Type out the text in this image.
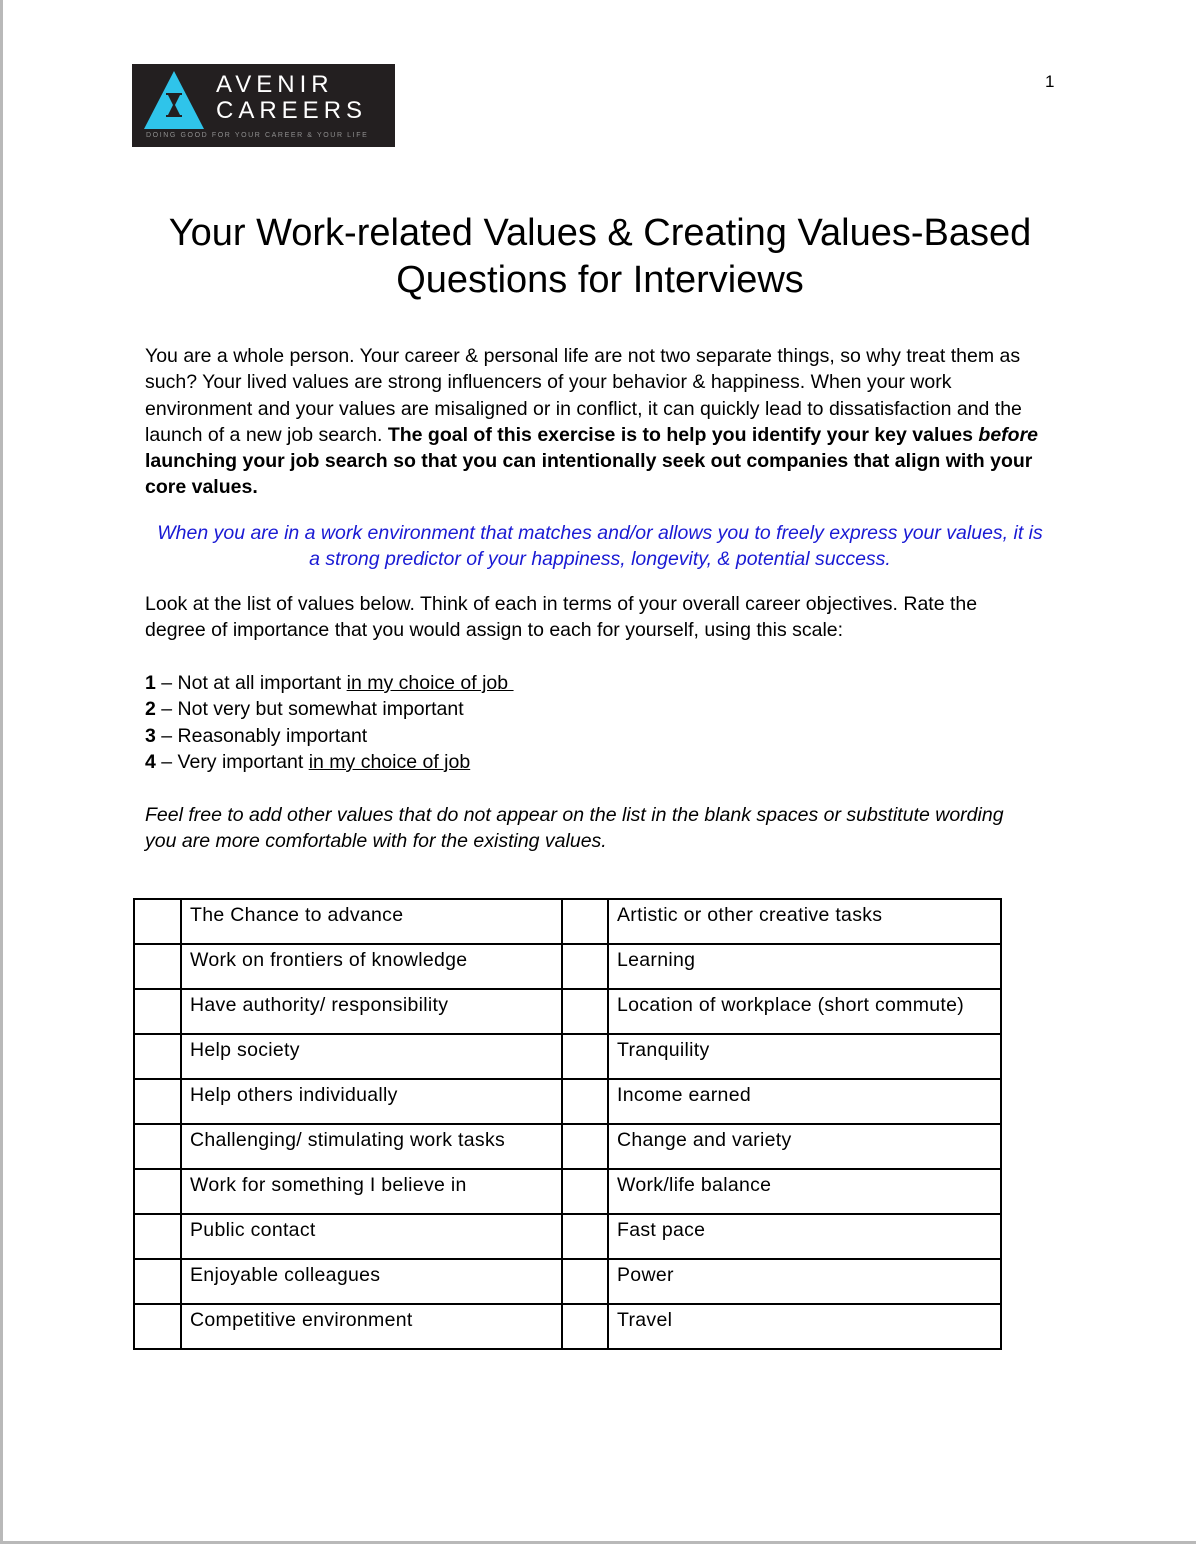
AVENIR
CAREERS
DOING GOOD FOR YOUR CAREER & YOUR LIFE
1
Your Work-related Values & Creating Values-Based
Questions for Interviews

You are a whole person. Your career & personal life are not two separate things, so why treat them as such? Your lived values are strong influencers of your behavior & happiness. When your work environment and your values are misaligned or in conflict, it can quickly lead to dissatisfaction and the launch of a new job search. The goal of this exercise is to help you identify your key values before launching your job search so that you can intentionally seek out companies that align with your core values.

When you are in a work environment that matches and/or allows you to freely express your values, it is a strong predictor of your happiness, longevity, & potential success.

Look at the list of values below. Think of each in terms of your overall career objectives. Rate the degree of importance that you would assign to each for yourself, using this scale:

1 – Not at all important in my choice of job
2 – Not very but somewhat important
3 – Reasonably important
4 – Very important in my choice of job

Feel free to add other values that do not appear on the list in the blank spaces or substitute wording you are more comfortable with for the existing values.

	The Chance to advance		Artistic or other creative tasks
	Work on frontiers of knowledge		Learning
	Have authority/ responsibility		Location of workplace (short commute)
	Help society		Tranquility
	Help others individually		Income earned
	Challenging/ stimulating work tasks		Change and variety
	Work for something I believe in		Work/life balance
	Public contact		Fast pace
	Enjoyable colleagues		Power
	Competitive environment		Travel
